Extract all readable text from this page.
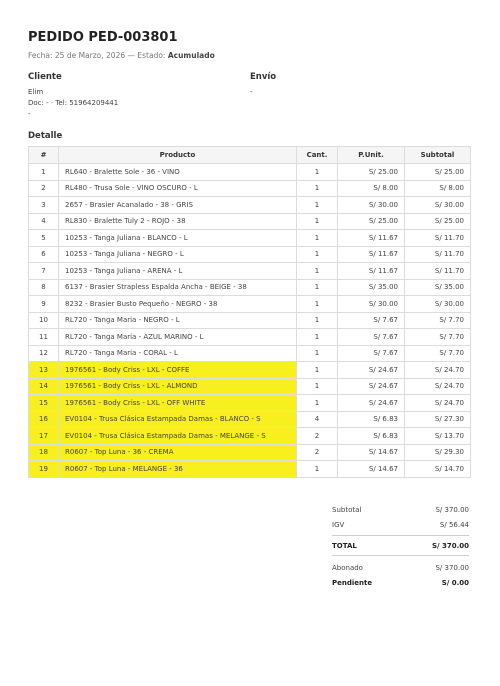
PEDIDO PED-003801
Fecha: 25 de Marzo, 2026 — Estado: Acumulado
Cliente
Elim
Doc: - · Tel: 51964209441
-
Envío
-
Detalle
#	Producto	Cant.	P.Unit.	Subtotal
1	RL640 - Bralette Sole - 36 - VINO	1	S/ 25.00	S/ 25.00
2	RL480 - Trusa Sole - VINO OSCURO - L	1	S/ 8.00	S/ 8.00
3	2657 - Brasier Acanalado - 38 - GRIS	1	S/ 30.00	S/ 30.00
4	RL830 - Bralette Tuly 2 - ROJO - 38	1	S/ 25.00	S/ 25.00
5	10253 - Tanga Juliana - BLANCO - L	1	S/ 11.67	S/ 11.70
6	10253 - Tanga Juliana - NEGRO - L	1	S/ 11.67	S/ 11.70
7	10253 - Tanga Juliana - ARENA - L	1	S/ 11.67	S/ 11.70
8	6137 - Brasier Strapless Espalda Ancha - BEIGE - 38	1	S/ 35.00	S/ 35.00
9	8232 - Brasier Busto Pequeño - NEGRO - 38	1	S/ 30.00	S/ 30.00
10	RL720 - Tanga Maria - NEGRO - L	1	S/ 7.67	S/ 7.70
11	RL720 - Tanga Maria - AZUL MARINO - L	1	S/ 7.67	S/ 7.70
12	RL720 - Tanga Maria - CORAL - L	1	S/ 7.67	S/ 7.70
13	1976561 - Body Criss - LXL - COFFE	1	S/ 24.67	S/ 24.70
14	1976561 - Body Criss - LXL - ALMOND	1	S/ 24.67	S/ 24.70
15	1976561 - Body Criss - LXL - OFF WHITE	1	S/ 24.67	S/ 24.70
16	EV0104 - Trusa Clásica Estampada Damas - BLANCO - S	4	S/ 6.83	S/ 27.30
17	EV0104 - Trusa Clásica Estampada Damas - MELANGE - S	2	S/ 6.83	S/ 13.70
18	R0607 - Top Luna - 36 - CREMA	2	S/ 14.67	S/ 29.30
19	R0607 - Top Luna - MELANGE - 36	1	S/ 14.67	S/ 14.70
Subtotal	S/ 370.00
IGV	S/ 56.44
TOTAL	S/ 370.00
Abonado	S/ 370.00
Pendiente	S/ 0.00
